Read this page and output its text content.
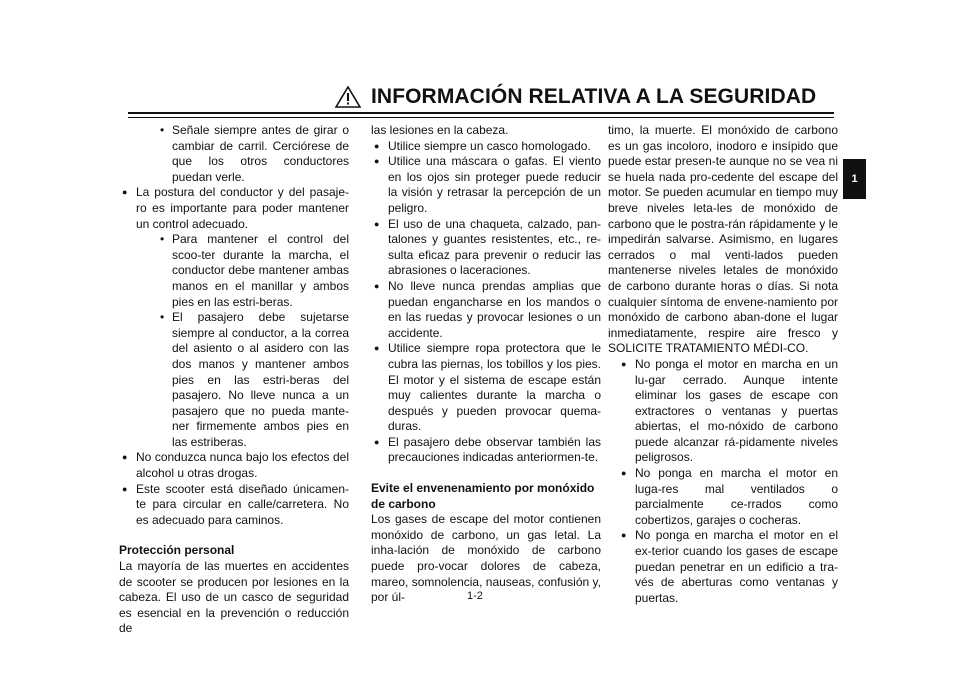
INFORMACIÓN RELATIVA A LA SEGURIDAD
1

• Señale siempre antes de girar o cambiar de carril. Cerciórese de que los otros conductores puedan verle.

● La postura del conductor y del pasaje-ro es importante para poder mantener un control adecuado.

• Para mantener el control del scoo-ter durante la marcha, el conductor debe mantener ambas manos en el manillar y ambos pies en las estri-beras.

• El pasajero debe sujetarse siempre al conductor, a la correa del asiento o al asidero con las dos manos y mantener ambos pies en las estri-beras del pasajero. No lleve nunca a un pasajero que no pueda mante-ner firmemente ambos pies en las estriberas.

● No conduzca nunca bajo los efectos del alcohol u otras drogas.

● Este scooter está diseñado únicamen-te para circular en calle/carretera. No es adecuado para caminos.

Protección personal

La mayoría de las muertes en accidentes de scooter se producen por lesiones en la cabeza. El uso de un casco de seguridad es esencial en la prevención o reducción de

las lesiones en la cabeza.

● Utilice siempre un casco homologado.

● Utilice una máscara o gafas. El viento en los ojos sin proteger puede reducir la visión y retrasar la percepción de un peligro.

● El uso de una chaqueta, calzado, pan-talones y guantes resistentes, etc., re-sulta eficaz para prevenir o reducir las abrasiones o laceraciones.

● No lleve nunca prendas amplias que puedan engancharse en los mandos o en las ruedas y provocar lesiones o un accidente.

● Utilice siempre ropa protectora que le cubra las piernas, los tobillos y los pies. El motor y el sistema de escape están muy calientes durante la marcha o después y pueden provocar quema-duras.

● El pasajero debe observar también las precauciones indicadas anteriormen-te.

Evite el envenenamiento por monóxido

de carbono

Los gases de escape del motor contienen monóxido de carbono, un gas letal. La inha-lación de monóxido de carbono puede pro-vocar dolores de cabeza, mareo, somnolencia, nauseas, confusión y, por úl-

timo, la muerte. El monóxido de carbono es un gas incoloro, inodoro e insípido que puede estar presen-te aunque no se vea ni se huela nada pro-cedente del escape del motor. Se pueden acumular en tiempo muy breve niveles leta-les de monóxido de carbono que le postra-rán rápidamente y le impedirán salvarse. Asimismo, en lugares cerrados o mal venti-lados pueden mantenerse niveles letales de monóxido de carbono durante horas o días. Si nota cualquier síntoma de envene-namiento por monóxido de carbono aban-done el lugar inmediatamente, respire aire fresco y SOLICITE TRATAMIENTO MÉDI-CO.

● No ponga el motor en marcha en un lu-gar cerrado. Aunque intente eliminar los gases de escape con extractores o ventanas y puertas abiertas, el mo-nóxido de carbono puede alcanzar rá-pidamente niveles peligrosos.

● No ponga en marcha el motor en luga-res mal ventilados o parcialmente ce-rrados como cobertizos, garajes o cocheras.

● No ponga en marcha el motor en el ex-terior cuando los gases de escape puedan penetrar en un edificio a tra-vés de aberturas como ventanas y puertas.

1-2
